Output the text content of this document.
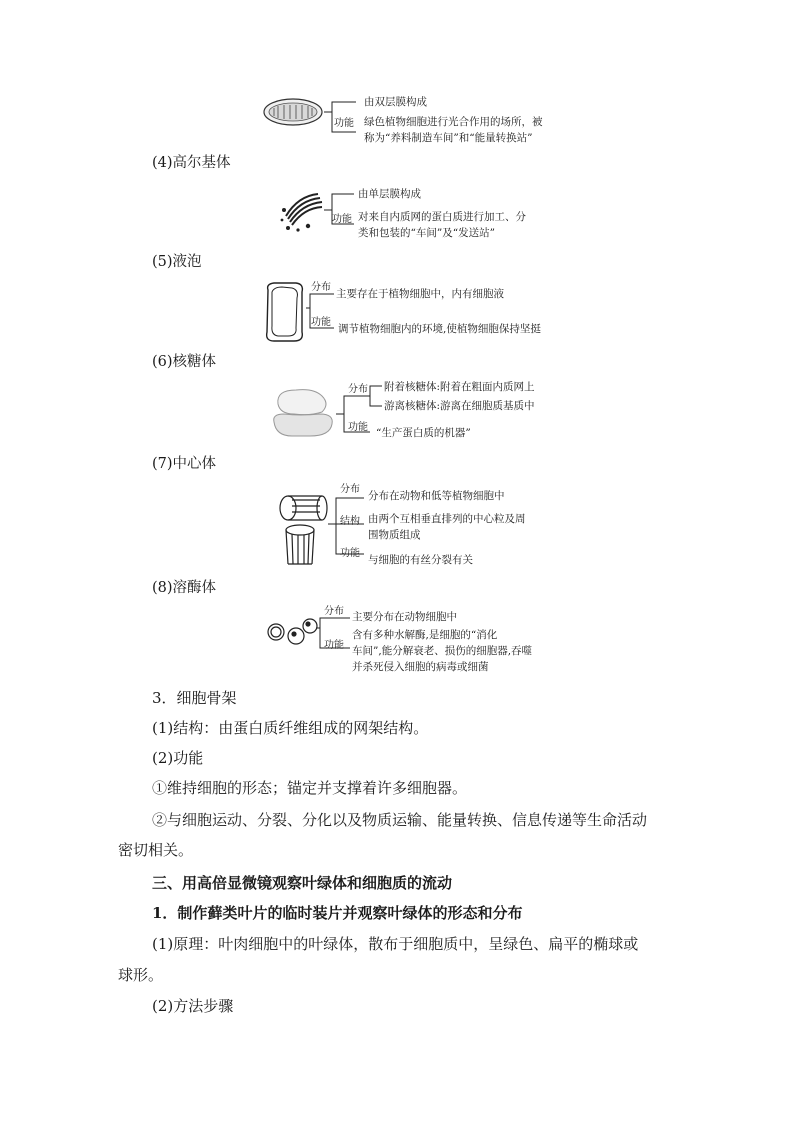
由双层膜构成
功能 绿色植物细胞进行光合作用的场所，被
称为“养料制造车间”和“能量转换站”
(4)高尔基体
由单层膜构成
功能 对来自内质网的蛋白质进行加工、分
类和包装的“车间”及“发送站”
(5)液泡
分布
主要存在于植物细胞中，内有细胞液
功能
调节植物细胞内的环境,使植物细胞保持坚挺
(6)核糖体
分布 附着核糖体:附着在粗面内质网上
游离核糖体:游离在细胞质基质中
功能 “生产蛋白质的机器”
(7)中心体
分布
分布在动物和低等植物细胞中
结构 由两个互相垂直排列的中心粒及周
围物质组成
功能
与细胞的有丝分裂有关
(8)溶酶体
分布 主要分布在动物细胞中
功能
含有多种水解酶,是细胞的“消化
车间”,能分解衰老、损伤的细胞器,吞噬
并杀死侵入细胞的病毒或细菌
3．细胞骨架
(1)结构：由蛋白质纤维组成的网架结构。
(2)功能
①维持细胞的形态；锚定并支撑着许多细胞器。
②与细胞运动、分裂、分化以及物质运输、能量转换、信息传递等生命活动
密切相关。
三、用高倍显微镜观察叶绿体和细胞质的流动
1．制作藓类叶片的临时装片并观察叶绿体的形态和分布
(1)原理：叶肉细胞中的叶绿体，散布于细胞质中，呈绿色、扁平的椭球或
球形。
(2)方法步骤
